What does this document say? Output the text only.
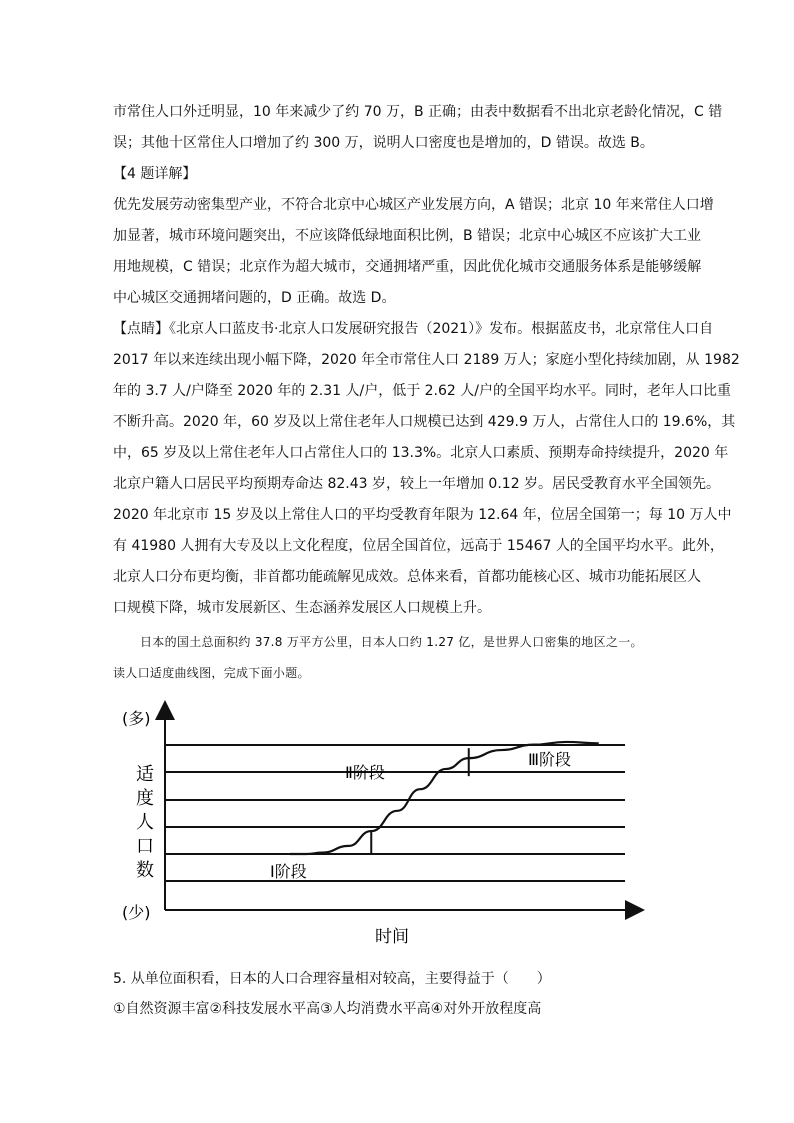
市常住人口外迁明显，10 年来减少了约 70 万，B 正确；由表中数据看不出北京老龄化情况，C 错
误；其他十区常住人口增加了约 300 万，说明人口密度也是增加的，D 错误。故选 B。
【4 题详解】
优先发展劳动密集型产业，不符合北京中心城区产业发展方向，A 错误；北京 10 年来常住人口增
加显著，城市环境问题突出，不应该降低绿地面积比例，B 错误；北京中心城区不应该扩大工业
用地规模，C 错误；北京作为超大城市，交通拥堵严重，因此优化城市交通服务体系是能够缓解
中心城区交通拥堵问题的，D 正确。故选 D。
【点睛】《北京人口蓝皮书·北京人口发展研究报告（2021）》发布。根据蓝皮书，北京常住人口自
2017 年以来连续出现小幅下降，2020 年全市常住人口 2189 万人；家庭小型化持续加剧，从 1982
年的 3.7 人/户降至 2020 年的 2.31 人/户，低于 2.62 人/户的全国平均水平。同时，老年人口比重
不断升高。2020 年，60 岁及以上常住老年人口规模已达到 429.9 万人，占常住人口的 19.6%，其
中，65 岁及以上常住老年人口占常住人口的 13.3%。北京人口素质、预期寿命持续提升，2020 年
北京户籍人口居民平均预期寿命达 82.43 岁，较上一年增加 0.12 岁。居民受教育水平全国领先。
2020 年北京市 15 岁及以上常住人口的平均受教育年限为 12.64 年，位居全国第一；每 10 万人中
有 41980 人拥有大专及以上文化程度，位居全国首位，远高于 15467 人的全国平均水平。此外，
北京人口分布更均衡，非首都功能疏解见成效。总体来看，首都功能核心区、城市功能拓展区人
口规模下降，城市发展新区、生态涵养发展区人口规模上升。
日本的国土总面积约 37.8 万平方公里，日本人口约 1.27 亿，是世界人口密集的地区之一。
读人口适度曲线图，完成下面小题。
(多)
(少)
适度人口数
时间
Ⅰ阶段
Ⅱ阶段
Ⅲ阶段
5. 从单位面积看，日本的人口合理容量相对较高，主要得益于（　　）
①自然资源丰富②科技发展水平高③人均消费水平高④对外开放程度高
